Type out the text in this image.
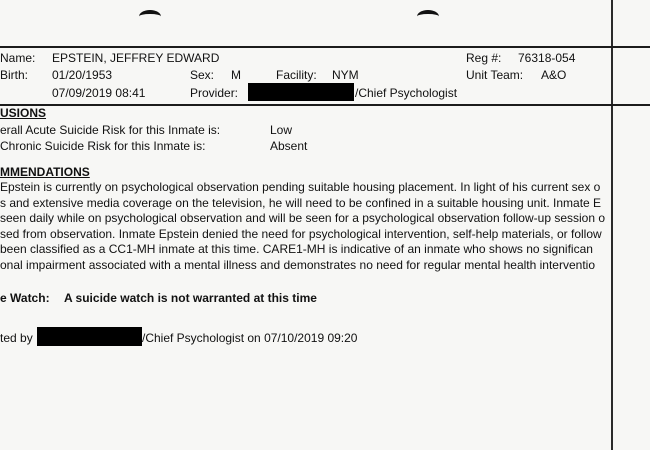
Name: EPSTEIN, JEFFREY EDWARD	Reg #: 76318-054
Birth: 01/20/1953	Sex: M	Facility: NYM	Unit Team: A&O
07/09/2019 08:41	Provider:	/Chief Psychologist
USIONS
erall Acute Suicide Risk for this Inmate is:	Low
Chronic Suicide Risk for this Inmate is:	Absent
MMENDATIONS
Epstein is currently on psychological observation pending suitable housing placement. In light of his current sex o
s and extensive media coverage on the television, he will need to be confined in a suitable housing unit. Inmate E
seen daily while on psychological observation and will be seen for a psychological observation follow-up session o
sed from observation. Inmate Epstein denied the need for psychological intervention, self-help materials, or follow
been classified as a CC1-MH inmate at this time. CARE1-MH is indicative of an inmate who shows no significan
onal impairment associated with a mental illness and demonstrates no need for regular mental health interventio
e Watch: A suicide watch is not warranted at this time
ted by	/Chief Psychologist on 07/10/2019 09:20
